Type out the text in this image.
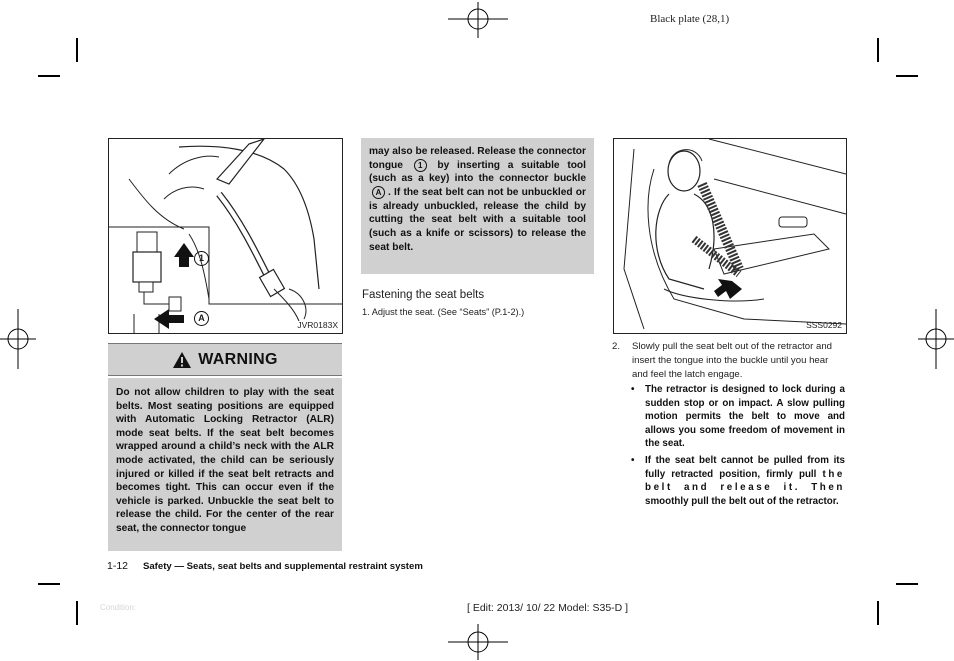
Black plate (28,1)
1
A
JVR0183X
WARNING
Do not allow children to play with the seat belts. Most seating positions are equipped with Automatic Locking Retractor (ALR) mode seat belts. If the seat belt becomes wrapped around a child’s neck with the ALR mode activated, the child can be seriously injured or killed if the seat belt retracts and becomes tight. This can occur even if the vehicle is parked. Unbuckle the seat belt to release the child. For the center of the rear seat, the connector tongue
may also be released. Release the connector tongue 1 by inserting a suitable tool (such as a key) into the connector buckle A . If the seat belt can not be unbuckled or is already unbuckled, release the child by cutting the seat belt with a suitable tool (such as a knife or scissors) to release the seat belt.
Fastening the seat belts
1. Adjust the seat. (See “Seats” (P.1-2).)
SSS0292
2. Slowly pull the seat belt out of the retractor and insert the tongue into the buckle until you hear and feel the latch engage.
• The retractor is designed to lock during a sudden stop or on impact. A slow pulling motion permits the belt to move and allows you some freedom of movement in the seat.
• If the seat belt cannot be pulled from its fully retracted position, firmly pull the belt and release it. Then smoothly pull the belt out of the retractor.
1-12 Safety — Seats, seat belts and supplemental restraint system
Condition:	[ Edit: 2013/ 10/ 22 Model: S35-D ]
